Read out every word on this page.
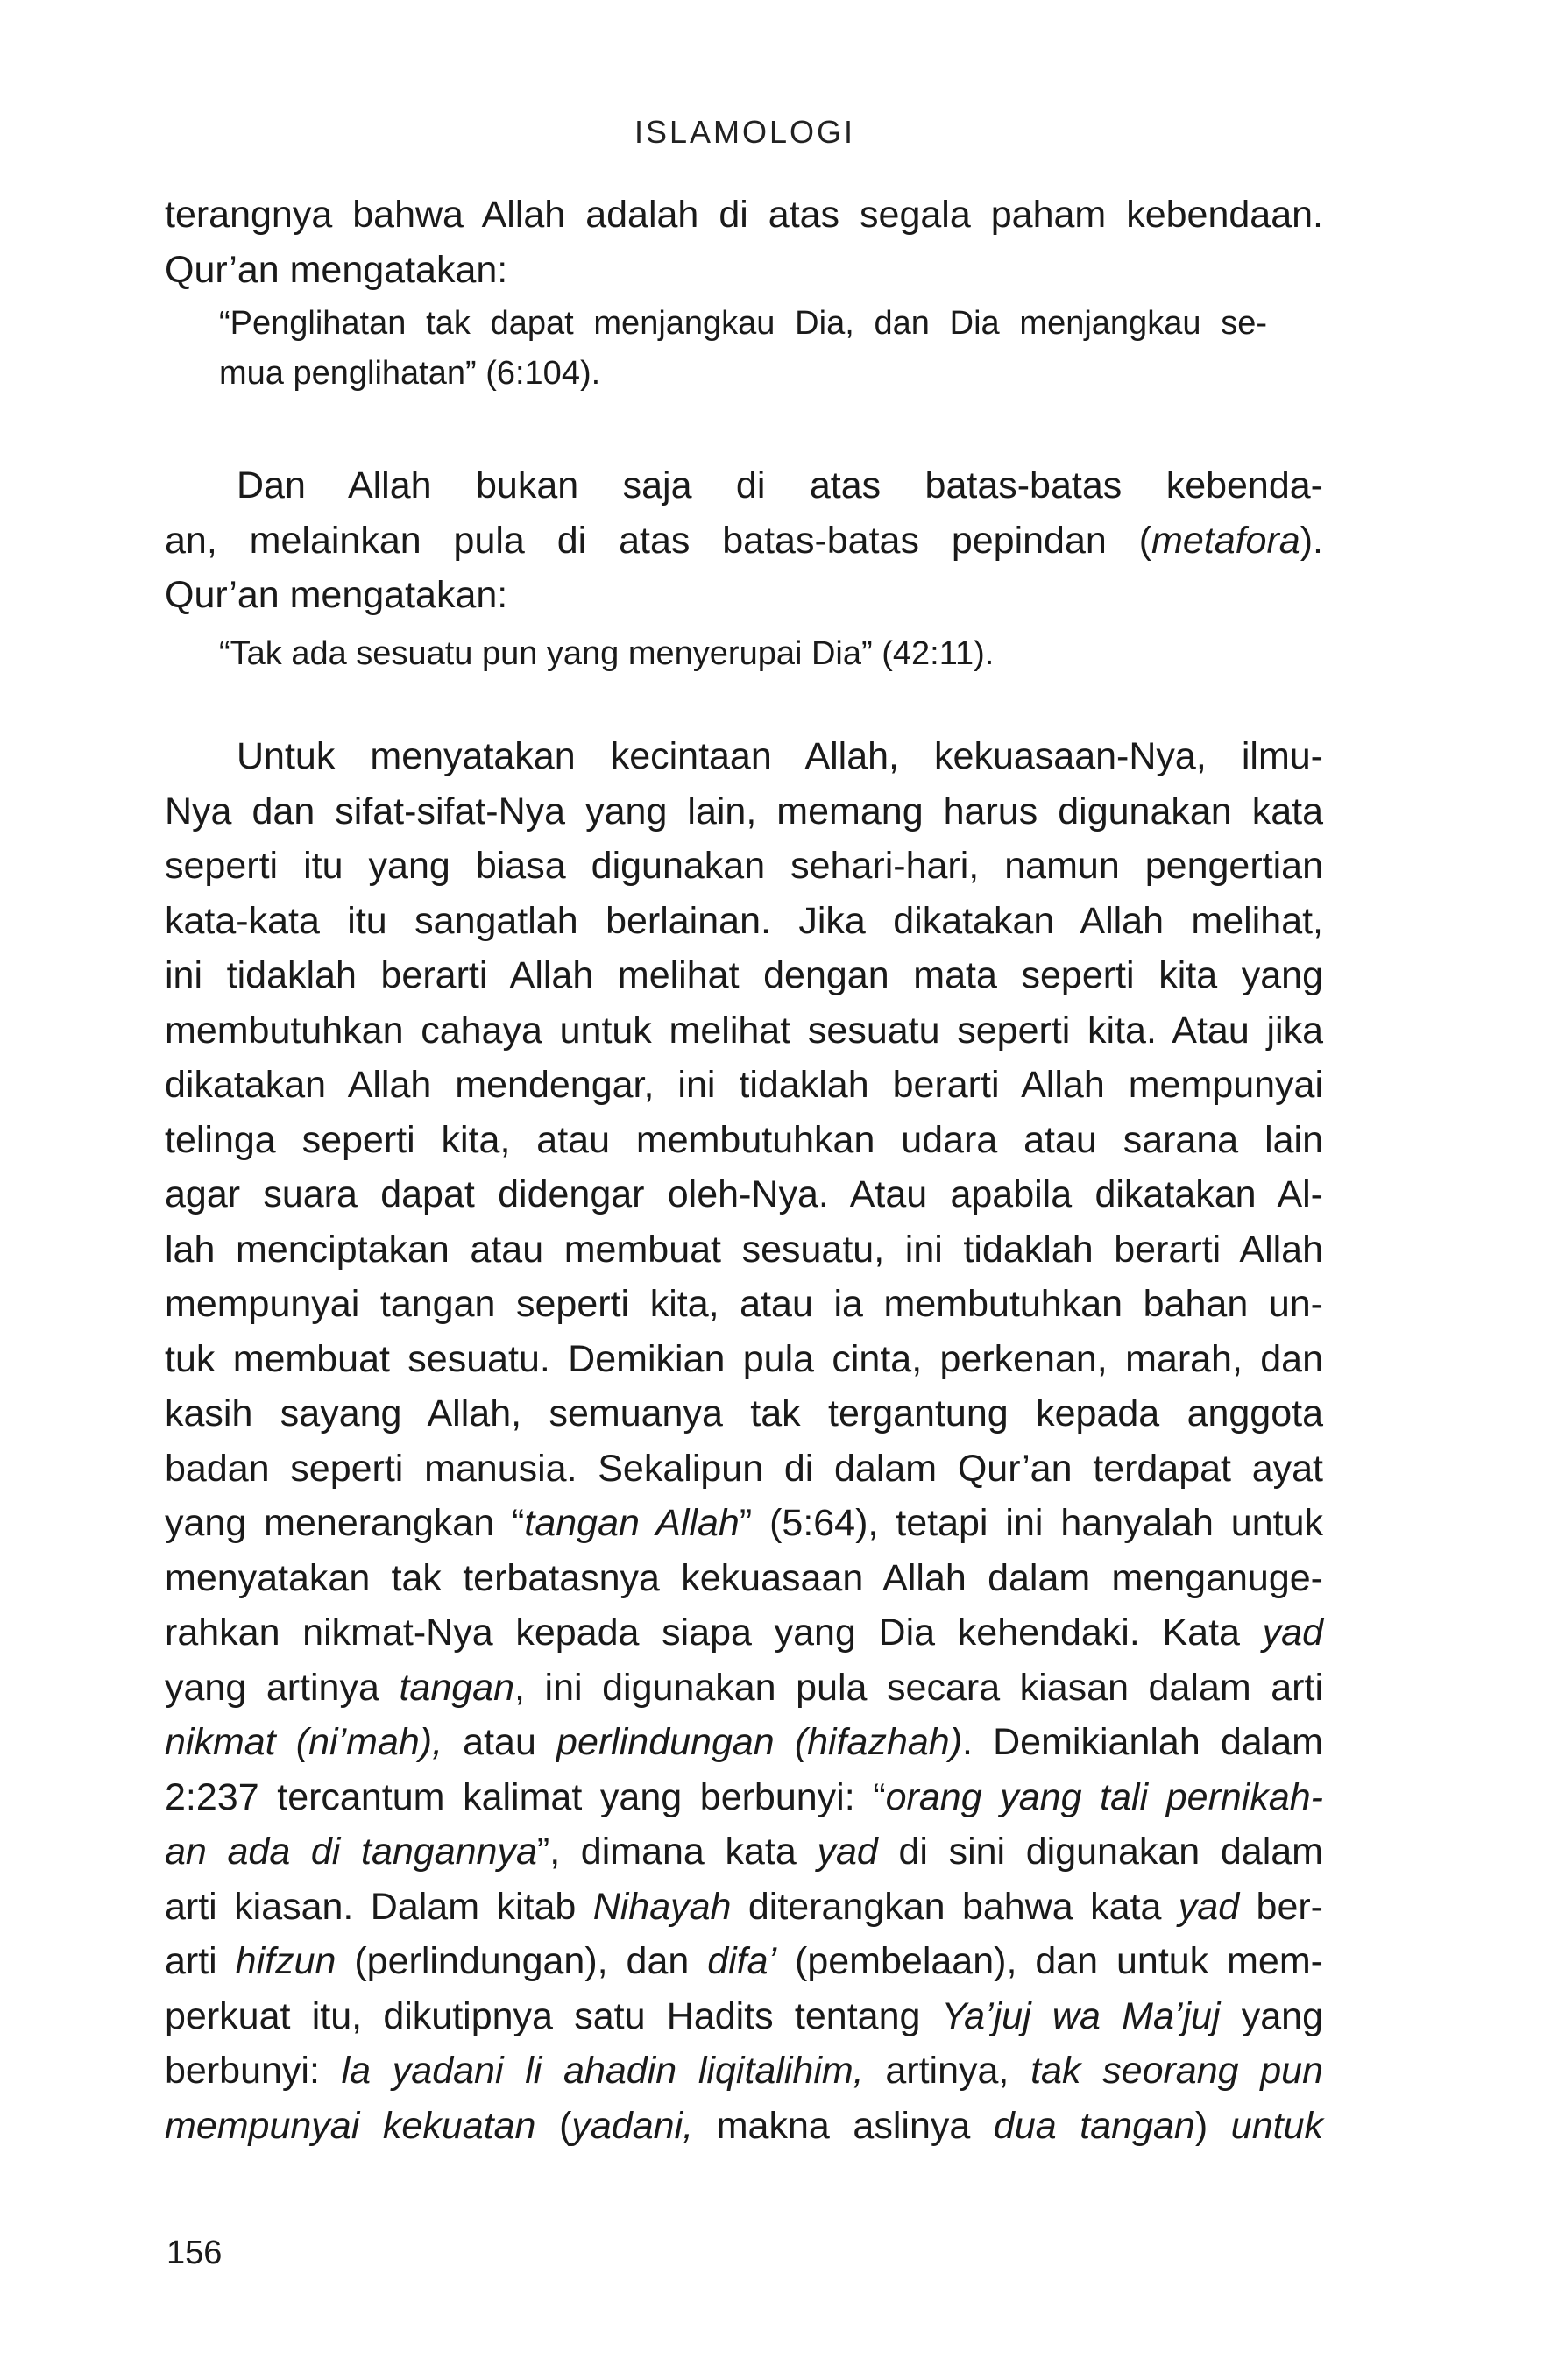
ISLAMOLOGI
terangnya bahwa Allah adalah di atas segala paham kebendaan.
Qur’an mengatakan:
“Penglihatan tak dapat menjangkau Dia, dan Dia menjangkau se-
mua penglihatan” (6:104).
Dan Allah bukan saja di atas batas-batas kebenda-
an, melainkan pula di atas batas-batas pepindan (metafora).
Qur’an mengatakan:
“Tak ada sesuatu pun yang menyerupai Dia” (42:11).
Untuk menyatakan kecintaan Allah, kekuasaan-Nya, ilmu-
Nya dan sifat-sifat-Nya yang lain, memang harus digunakan kata
seperti itu yang biasa digunakan sehari-hari, namun pengertian
kata-kata itu sangatlah berlainan. Jika dikatakan Allah melihat,
ini tidaklah berarti Allah melihat dengan mata seperti kita yang
membutuhkan cahaya untuk melihat sesuatu seperti kita. Atau jika
dikatakan Allah mendengar, ini tidaklah berarti Allah mempunyai
telinga seperti kita, atau membutuhkan udara atau sarana lain
agar suara dapat didengar oleh-Nya. Atau apabila dikatakan Al-
lah menciptakan atau membuat sesuatu, ini tidaklah berarti Allah
mempunyai tangan seperti kita, atau ia membutuhkan bahan un-
tuk membuat sesuatu. Demikian pula cinta, perkenan, marah, dan
kasih sayang Allah, semuanya tak tergantung kepada anggota
badan seperti manusia. Sekalipun di dalam Qur’an terdapat ayat
yang menerangkan “tangan Allah” (5:64), tetapi ini hanyalah untuk
menyatakan tak terbatasnya kekuasaan Allah dalam menganuge-
rahkan nikmat-Nya kepada siapa yang Dia kehendaki. Kata yad
yang artinya tangan, ini digunakan pula secara kiasan dalam arti
nikmat (ni’mah), atau perlindungan (hifazhah). Demikianlah dalam
2:237 tercantum kalimat yang berbunyi: “orang yang tali pernikah-
an ada di tangannya”, dimana kata yad di sini digunakan dalam
arti kiasan. Dalam kitab Nihayah diterangkan bahwa kata yad ber-
arti hifzun (perlindungan), dan difa’ (pembelaan), dan untuk mem-
perkuat itu, dikutipnya satu Hadits tentang Ya’juj wa Ma’juj yang
berbunyi: la yadani li ahadin liqitalihim, artinya, tak seorang pun
mempunyai kekuatan (yadani, makna aslinya dua tangan) untuk
156
